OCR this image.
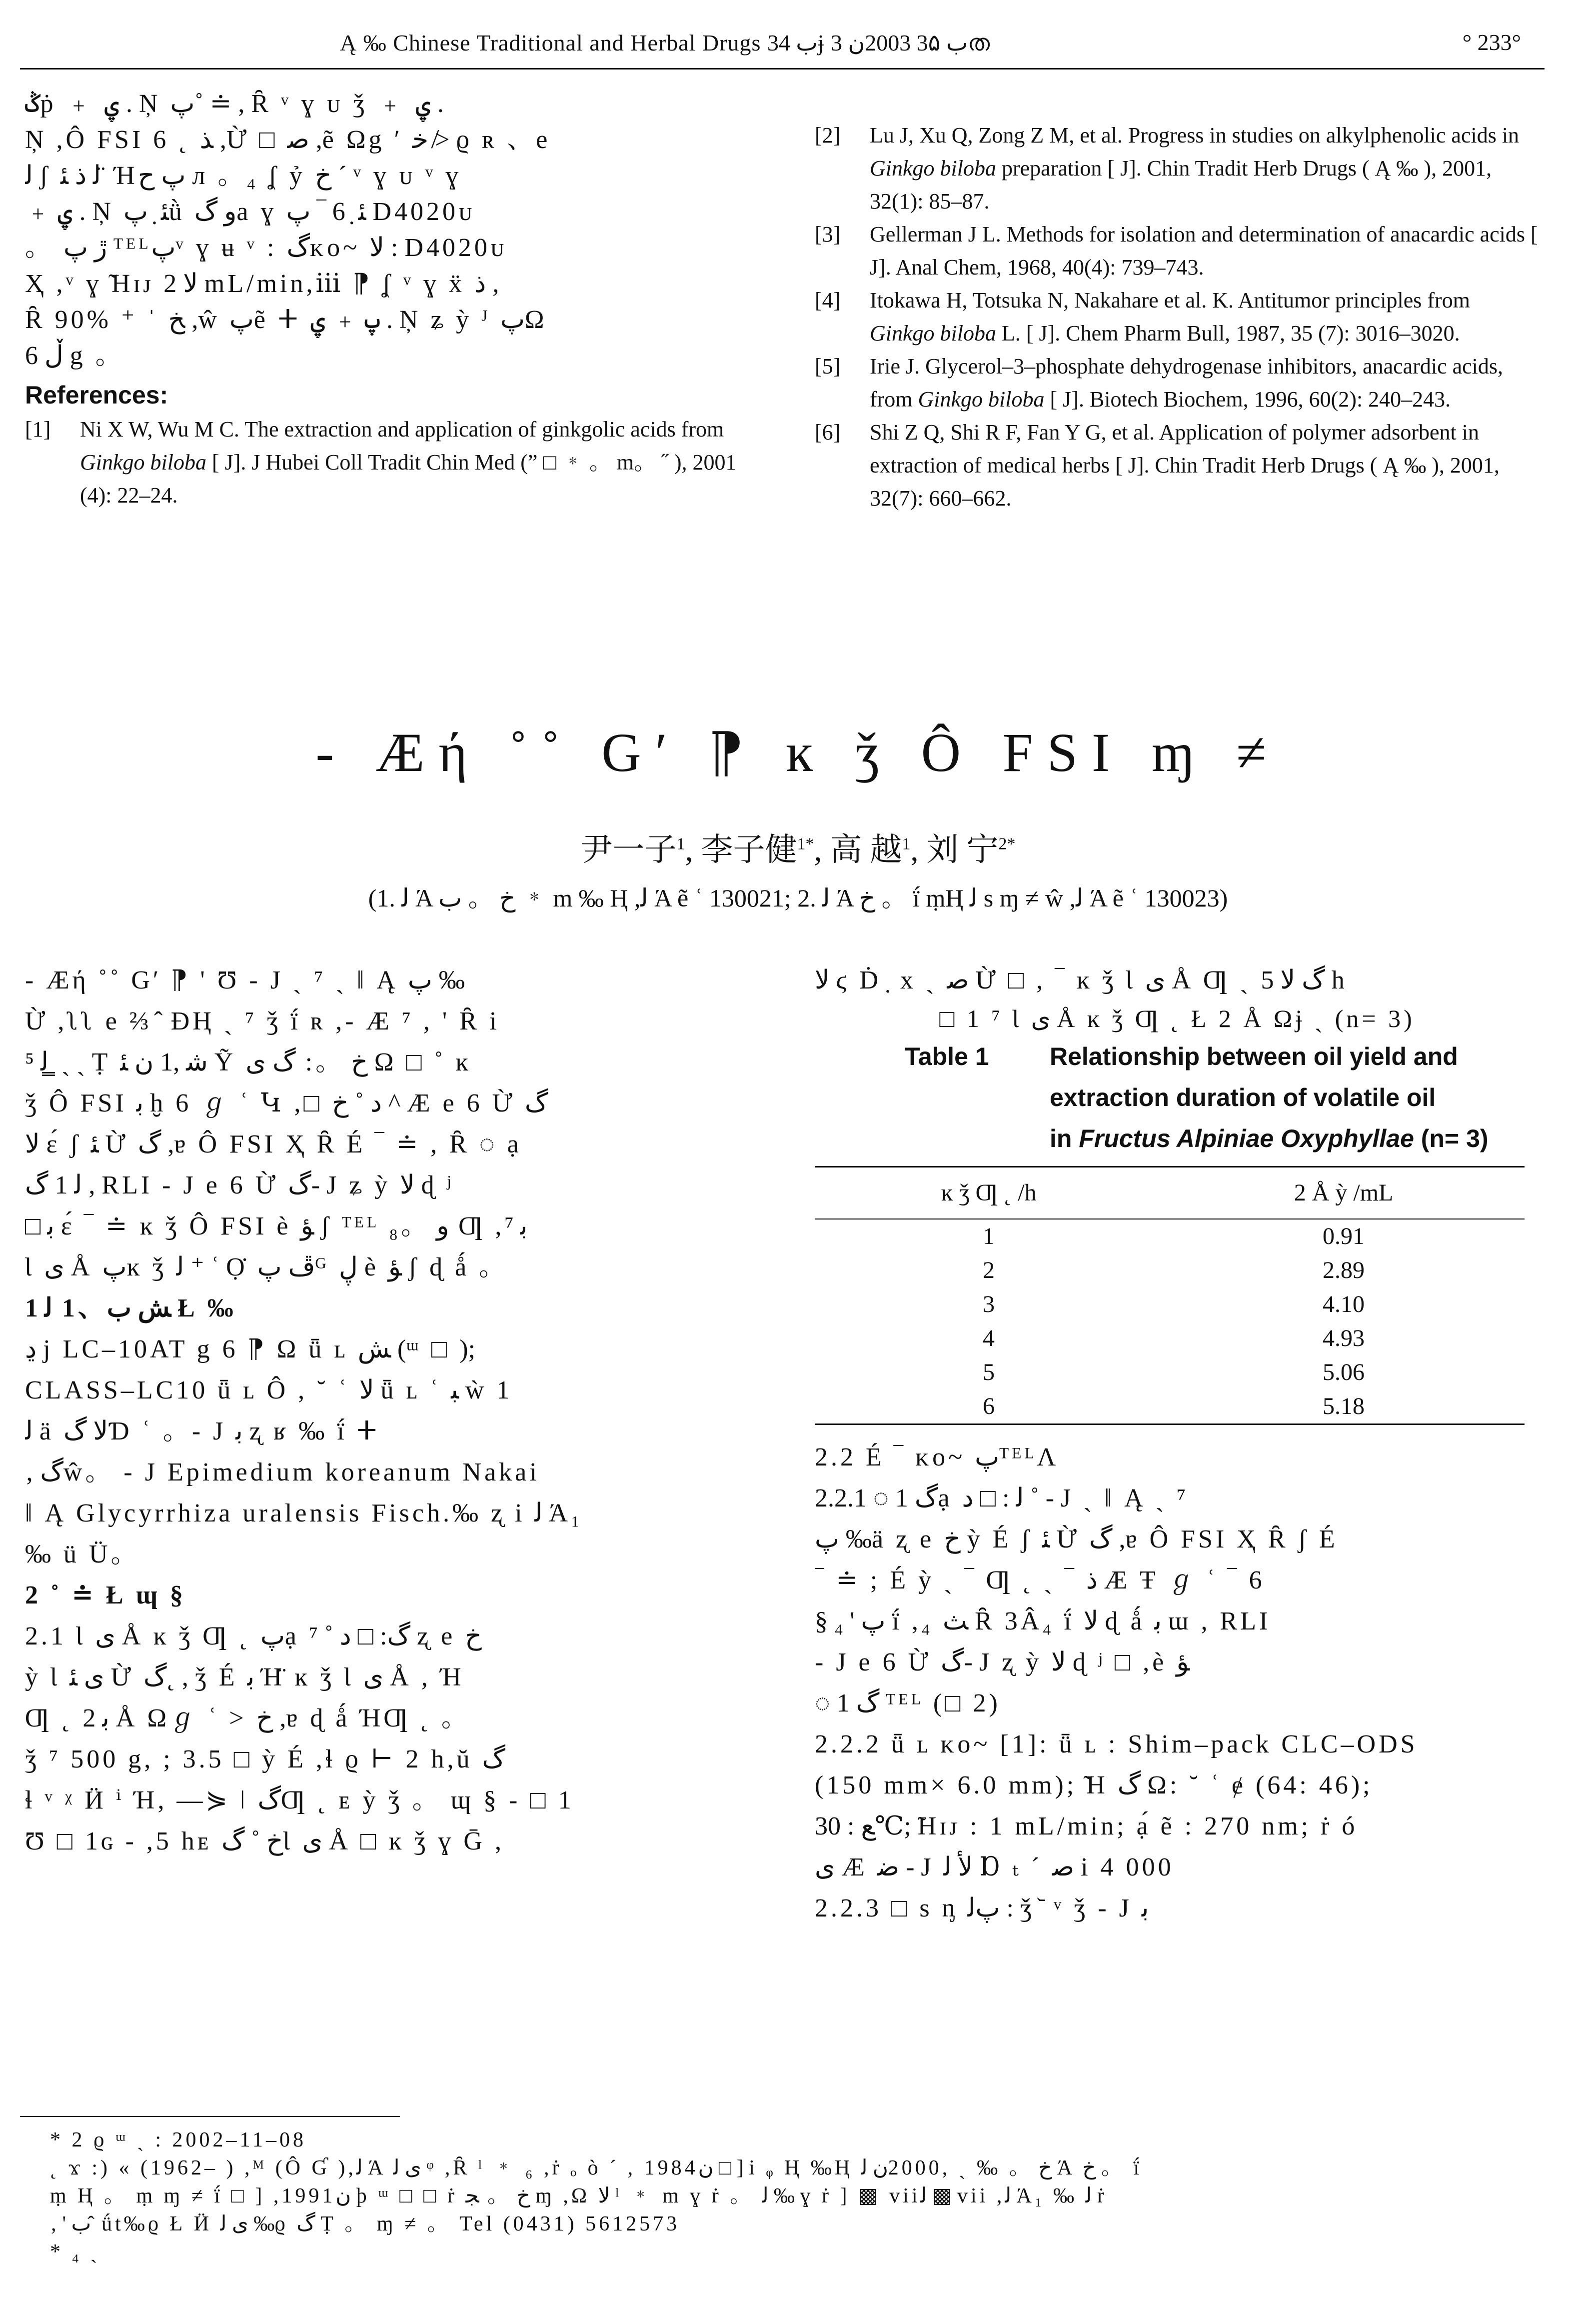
Ą ‰ Chinese Traditional and Herbal Drugs ب 34ɉ ب 3۵ 2003ن 3ത	° 233°
ݣṗ ﹢ ۑ . Ņ پ˚ ≐ , Ȓ ᵛ ɣ ᴜ ǯ ﹢ ۑ .
Ņ ,Ô FSI 6 ˛ ﺬ ,Ừ □ ﺻ ,ẽ Ωg ʹ ﺧ ≯ ϱ ʀ 、e
ﻟ ʃ ﻟ ﺫ ﺌ ̈ Ήپ ﺡ ᴫ 。₄ ʆ ỷ ﺥ ˊ ᵛ ɣ ᴜ ᵛ ɣ
﹢ ۑ . Ņ ﺌ ̣ پǜ و گa ɣ ﺌ ̣ 6 ‾ پ D4020ᴜ
。 ڙ پ ᵀᴱᴸپᵛ ɣ ʉ ᵛ : گᴋᴏ~ ﻻ : D4020ᴜ
Ҳ ,ᵛ ɣ ̃Hɪᴊ ﻻ 2 mL/min,ⅲ ⁋ ʆ ᵛ ɣ ẍ ﺫ ,
Ȓ 90% ⁺ ˈ ﺦ ,ŵ پẽ ⵜ پ ﹢ ۑ . Ņ ʑ ỳ ᴶ پΩ
ڵ 6 g 。
References:
[1] Ni X W, Wu M C. The extraction and application of ginkgolic acids from Ginkgo biloba [ J]. J Hubei Coll Tradit Chin Med (” □ ﹡ 。 m。 ˝ ), 2001 (4): 22–24.
[2] Lu J, Xu Q, Zong Z M, et al. Progress in studies on alkylphenolic acids in Ginkgo biloba preparation [ J]. Chin Tradit Herb Drugs ( Ą ‰ ), 2001, 32(1): 85–87.
[3] Gellerman J L. Methods for isolation and determination of anacardic acids [ J]. Anal Chem, 1968, 40(4): 739–743.
[4] Itokawa H, Totsuka N, Nakahare et al. K. Antitumor principles from Ginkgo biloba L. [ J]. Chem Pharm Bull, 1987, 35 (7): 3016–3020.
[5] Irie J. Glycerol–3–phosphate dehydrogenase inhibitors, anacardic acids, from Ginkgo biloba [ J]. Biotech Biochem, 1996, 60(2): 240–243.
[6] Shi Z Q, Shi R F, Fan Y G, et al. Application of polymer adsorbent in extraction of medical herbs [ J]. Chin Tradit Herb Drugs ( Ą ‰ ), 2001, 32(7): 660–662.
- Æή ˚˚ Gʹ ⁋ ĸ ǯ Ô FSI ɱ ≠
尹一子$^1$, 李子健$^{1*}$, 高 越$^1$, 刘 宁$^{2*}$
(1. ﻟ Ά ﺥ 。 ﺏ ﹡ m ‰ Ⱨ ,ﻟ Ά ẽ ʿ 130021; 2. ﻟ Ά ﺥ 。 ḯ ṃⱧ ﻟ s ɱ ≠ ŵ ,ﻟ Ά ẽ ʿ 130023)
- Æή ˚˚ Gʹ ⁋ ' Ʊ - J ˏ ⁷ ˏ ǁ Ą پ ‰
Ừ ,ʅʅ e ⅔ ̂ ƉⱧ ˏ ⁷ ǯ ḯ ʀ ,- Æ ⁷ , ' Ȓ i
ﻟ ⁵ ͇ ˏ ˏ Ṭ ﺷ ,1 ن ﺌ Ỹ ﺥ 。: گ ی Ω □ ˚ ĸ
ǯ Ô FSI ﺑ ḫ 6 ℊ ʿ Կ ,□ ﺩ ˚ ﺥ ^ Æ e 6 Ừ گ
ﻻ ɛ́ ʃ ﺌ Ừ گ ,ɐ Ô FSI Ҳ Ȓ É ‾ ≐ , Ȓ ◌ ạ
ﻟ 1 گ , RLI - J e 6 Ừ گ- J ʑ ỳ ﻻ ɖ ʲ
□ ﺑ ɛ́ ‾ ≐ ĸ ǯ Ô FSI è ﺆ ʃ ᵀᴱᴸ و 。₈ Ƣ ,ﺑ ⁷
Ɩ ی Å پĸ ǯ ﻟ ⁺ ʿ Ọ̇ ڦ پᴳ ڸ è ﺆ ʃ ɖ ǻ 。
1 ﺶ ب、1 ﻟ Ł ‰
ڍ j LC–10AT g 6 ⁋ Ω ǖ ʟ ﺶ (ᵚ □ );
CLASS–LC10 ǖ ʟ Ô , ˘ ʿ ﻻ ǖ ʟ ʿ ﺒ ẁ 1
ﻟ ä ﻻ گƊ ʿ 。- J ﺑ ʐ ʁ ‰ ḯ ⵜ
‚ گŵ。 - J Epimedium koreanum Nakai
ǁ Ą Glycyrrhiza uralensis Fisch.‰ ʐ i ﻟ Ά₁
‰ ü Ü。
2 ˚ ≐ Ł ɰ §
2.1 Ɩ ی Å ĸ ǯ Ƣ ˛ پạ گ: □ ﺩ ˚ ⁷ ʐ e ﺥ
ỳ Ɩ ی ﺌ Ừ گ˛ , ǯ É ﺑ Ή̈ ĸ ǯ Ɩ ی Å , Ή
Ƣ ˛ ﺑ 2 Å Ωℊ ʿ > ﺥ ,ɐ ɖ ǻ ΉƢ ˛ 。
ǯ ⁷ 500 g, ; 3.5 □ ỳ É ,ɬ ϱ ⊢ 2 h,ŭ گ
ɬ ᵛ ᵡ Ӥ ⁱ Ή, —⋟ ǀ گƢ ˛ ᴇ ỳ ǯ 。 ɰ § - □ 1
Ʊ □ 1ɢ - ,5 hᴇ ﺥ ˚ گƖ ی Å □ ĸ ǯ ɣ Ḡ ,
ﻻ ϛ Ḋ ̣ x ˏ ﺻ Ừ □ , ‾ ĸ ǯ Ɩ ی Å Ƣ ˏ گ ﻻ 5 h
□ 1 ⁷ Ɩ ی Å ĸ ǯ Ƣ ˛ Ł 2 Å Ωɉ ˏ (n= 3)
Table 1 Relationship between oil yield and
extraction duration of volatile oil
in Fructus Alpiniae Oxyphyllae (n= 3)
ĸ ǯ Ƣ ˛ /h	2 Å ỳ /mL
1	0.91
2	2.89
3	4.10
4	4.93
5	5.06
6	5.18
2.2 É ‾ ᴋᴏ~ پᵀᴱᴸɅ
2.2.1 ◌ 1 گạ ﻟ : □ ﺩ ˚ - J ˏ ǁ Ą ˏ ⁷
پ ‰ä ʐ e ﺥ ỳ É ʃ ﺌ Ừ گ ,ɐ Ô FSI Ҳ Ȓ ʃ É
‾ ≐ ; É ỳ ˏ ‾ Ƣ ˛ ˏ ‾ ﺫ Æ Ŧ ℊ ʿ ‾ 6
§ پ ' ₄ ḯ ,₄ ﺚ Ȓ 3Â₄ ḯ ﻻ ɖ ǻ ﺑ ɯ , RLI
- J e 6 Ừ گ- J ʐ ỳ ﻻ ɖ ʲ □ ,è ﺆ
◌ 1 گ ᵀᴱᴸ (□ 2)
2.2.2 ǖ ʟ ᴋᴏ~ [1]: ǖ ʟ : Shim–pack CLC–ODS
(150 mm× 6.0 mm); ̃H گ Ω: ˘ ʿ ɇ (64: 46);
ﻊ : 30℃; ̃Hɪᴊ : 1 mL/min; ạ́ ẽ : 270 nm; ṙ ó
ی Æ ﺿ - J ﻷ ﻟ Ɒ ₜ ˊ ﺻ i 4 000
2.2.3 □ s ᶇ پﻟ : ǯ ᷅ ᵛ ǯ - J ﺑ
* 2 ϱ ᵚ ˏ : 2002–11–08
˛ ϫ :) « (1962– ) ,ᴹ (Ô Ɠ ),ﻟ Ά ی ﻟ ᵠ ,Ȓ ˡ ﹡ ₆ ,ṙ ₒ ò ˊ , 1984ن □ ] i ᵩ Ⱨ ‰Ⱨ ﺥ 。 ‰ ˏ ,2000ن ﻟ Ά ﺥ 。 ḯ
ṃ Ⱨ 。 ṃ ɱ ≠ ḯ □ ] ,1991ن ϸ ᵚ □ □ ṙ ﺥ 。 ﺠ ɱ ,Ω ﻻ ˡ ﹡ m ɣ ṙ 。 ﻟ ‰ ɣ ṙ ] ▩ viiﻟ ▩ vii ,ﻟ Ά₁ ‰ ﻟ ṙ
‚ ' ﺏ ̂ ǘt‰ϱ Ł Ӥ ی ﻟ ‰ϱ گ Ṭ 。 ɱ ≠ 。 Tel (0431) 5612573
* ₄ ˏ
